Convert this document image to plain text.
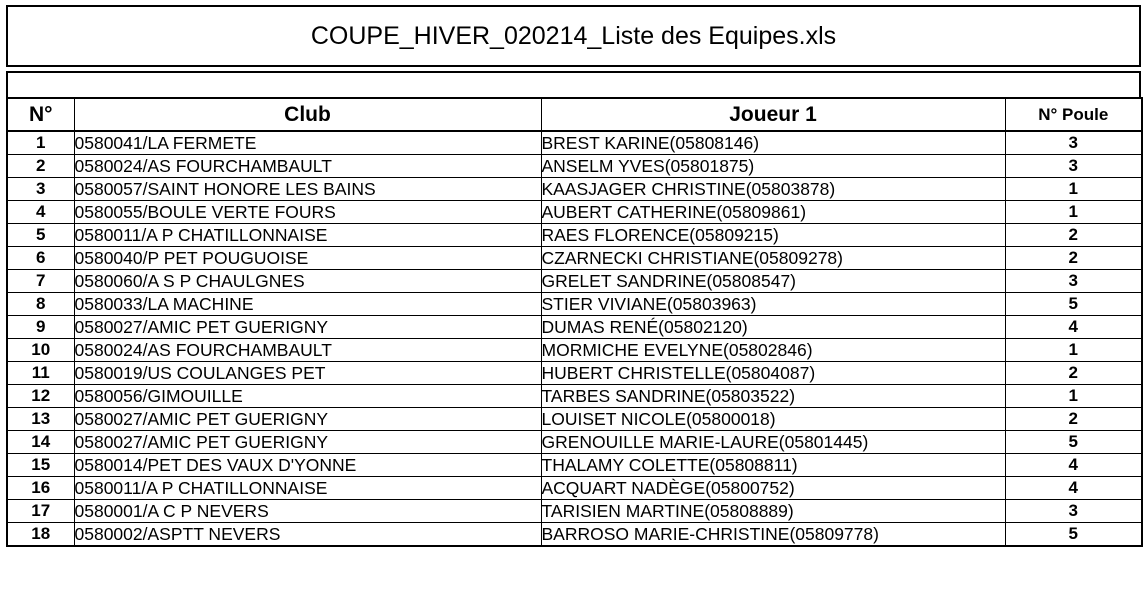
COUPE_HIVER_020214_Liste des Equipes.xls
N°	Club	Joueur 1	N° Poule
1	0580041/LA FERMETE	BREST KARINE(05808146)	3
2	0580024/AS FOURCHAMBAULT	ANSELM YVES(05801875)	3
3	0580057/SAINT HONORE LES BAINS	KAASJAGER CHRISTINE(05803878)	1
4	0580055/BOULE VERTE FOURS	AUBERT CATHERINE(05809861)	1
5	0580011/A P CHATILLONNAISE	RAES FLORENCE(05809215)	2
6	0580040/P PET POUGUOISE	CZARNECKI CHRISTIANE(05809278)	2
7	0580060/A S P CHAULGNES	GRELET SANDRINE(05808547)	3
8	0580033/LA MACHINE	STIER VIVIANE(05803963)	5
9	0580027/AMIC PET GUERIGNY	DUMAS RENÉ(05802120)	4
10	0580024/AS FOURCHAMBAULT	MORMICHE EVELYNE(05802846)	1
11	0580019/US COULANGES PET	HUBERT CHRISTELLE(05804087)	2
12	0580056/GIMOUILLE	TARBES SANDRINE(05803522)	1
13	0580027/AMIC PET GUERIGNY	LOUISET NICOLE(05800018)	2
14	0580027/AMIC PET GUERIGNY	GRENOUILLE MARIE-LAURE(05801445)	5
15	0580014/PET DES VAUX D'YONNE	THALAMY COLETTE(05808811)	4
16	0580011/A P CHATILLONNAISE	ACQUART NADÈGE(05800752)	4
17	0580001/A C P NEVERS	TARISIEN MARTINE(05808889)	3
18	0580002/ASPTT NEVERS	BARROSO MARIE-CHRISTINE(05809778)	5
